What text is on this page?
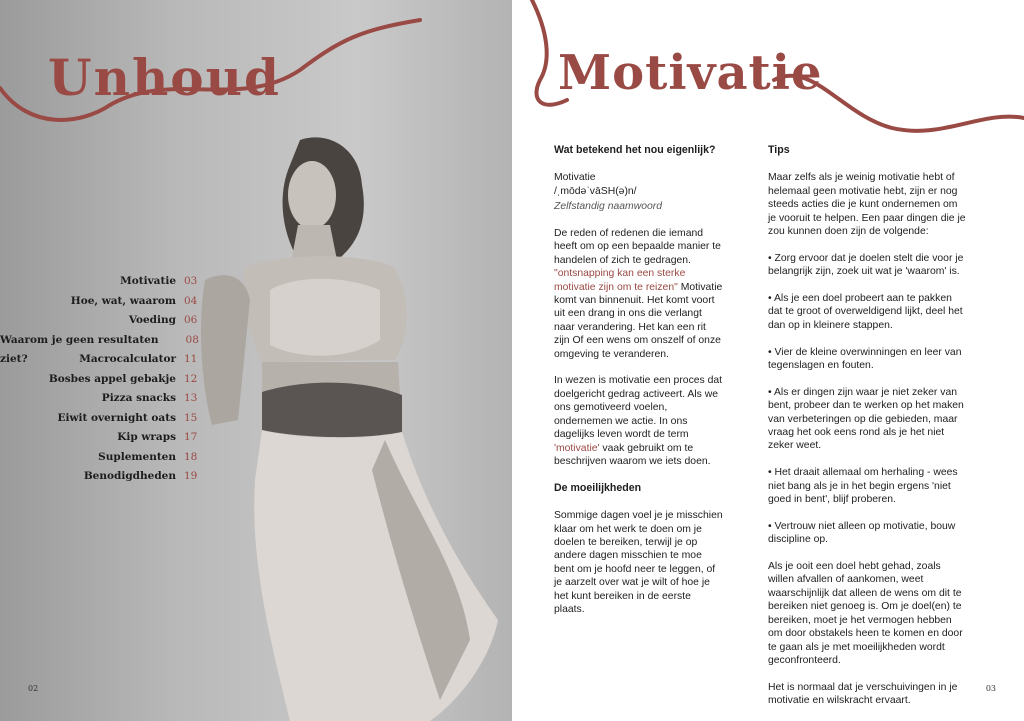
Unhoud
Motivatie 03
Hoe, wat, waarom 04
Voeding 06
Waarom je geen resultaten ziet?
08
Macrocalculator 11
Bosbes appel gebakje 12
Pizza snacks 13
Eiwit overnight oats 15
Kip wraps 17
Suplementen 18
Benodigdheden 19
02
Motivatie
Wat betekend het nou eigenlijk?
Motivatie
/ˌmōdəˈvāSH(ə)n/

Zelfstandig naamwoord

De reden of redenen die iemand heeft om op een bepaalde manier te handelen of zich te gedragen. "ontsnapping kan een sterke motivatie zijn om te reizen" Motivatie komt van binnenuit. Het komt voort uit een drang in ons die verlangt naar verandering. Het kan een rit zijn Of een wens om onszelf of onze omgeving te veranderen.

In wezen is motivatie een proces dat doelgericht gedrag activeert. Als we ons gemotiveerd voelen, ondernemen we actie. In ons dagelijks leven wordt de term 'motivatie' vaak gebruikt om te beschrijven waarom we iets doen.

De moeilijkheden

Sommige dagen voel je je misschien klaar om het werk te doen om je doelen te bereiken, terwijl je op andere dagen misschien te moe bent om je hoofd neer te leggen, of je aarzelt over wat je wilt of hoe je het kunt bereiken in de eerste plaats.

Tips

Maar zelfs als je weinig motivatie hebt of helemaal geen motivatie hebt, zijn er nog steeds acties die je kunt ondernemen om je vooruit te helpen. Een paar dingen die je zou kunnen doen zijn de volgende:

• Zorg ervoor dat je doelen stelt die voor je belangrijk zijn, zoek uit wat je 'waarom' is.

• Als je een doel probeert aan te pakken dat te groot of overweldigend lijkt, deel het dan op in kleinere stappen.

• Vier de kleine overwinningen en leer van tegenslagen en fouten.

• Als er dingen zijn waar je niet zeker van bent, probeer dan te werken op het maken van verbeteringen op die gebieden, maar vraag het ook eens rond als je het niet zeker weet.

• Het draait allemaal om herhaling - wees niet bang als je in het begin ergens 'niet goed in bent', blijf proberen.

• Vertrouw niet alleen op motivatie, bouw discipline op.

Als je ooit een doel hebt gehad, zoals willen afvallen of aankomen, weet waarschijnlijk dat alleen de wens om dit te bereiken niet genoeg is. Om je doel(en) te bereiken, moet je het vermogen hebben om door obstakels heen te komen en door te gaan als je met moeilijkheden wordt geconfronteerd.

Het is normaal dat je verschuivingen in je motivatie en wilskracht ervaart.

03
